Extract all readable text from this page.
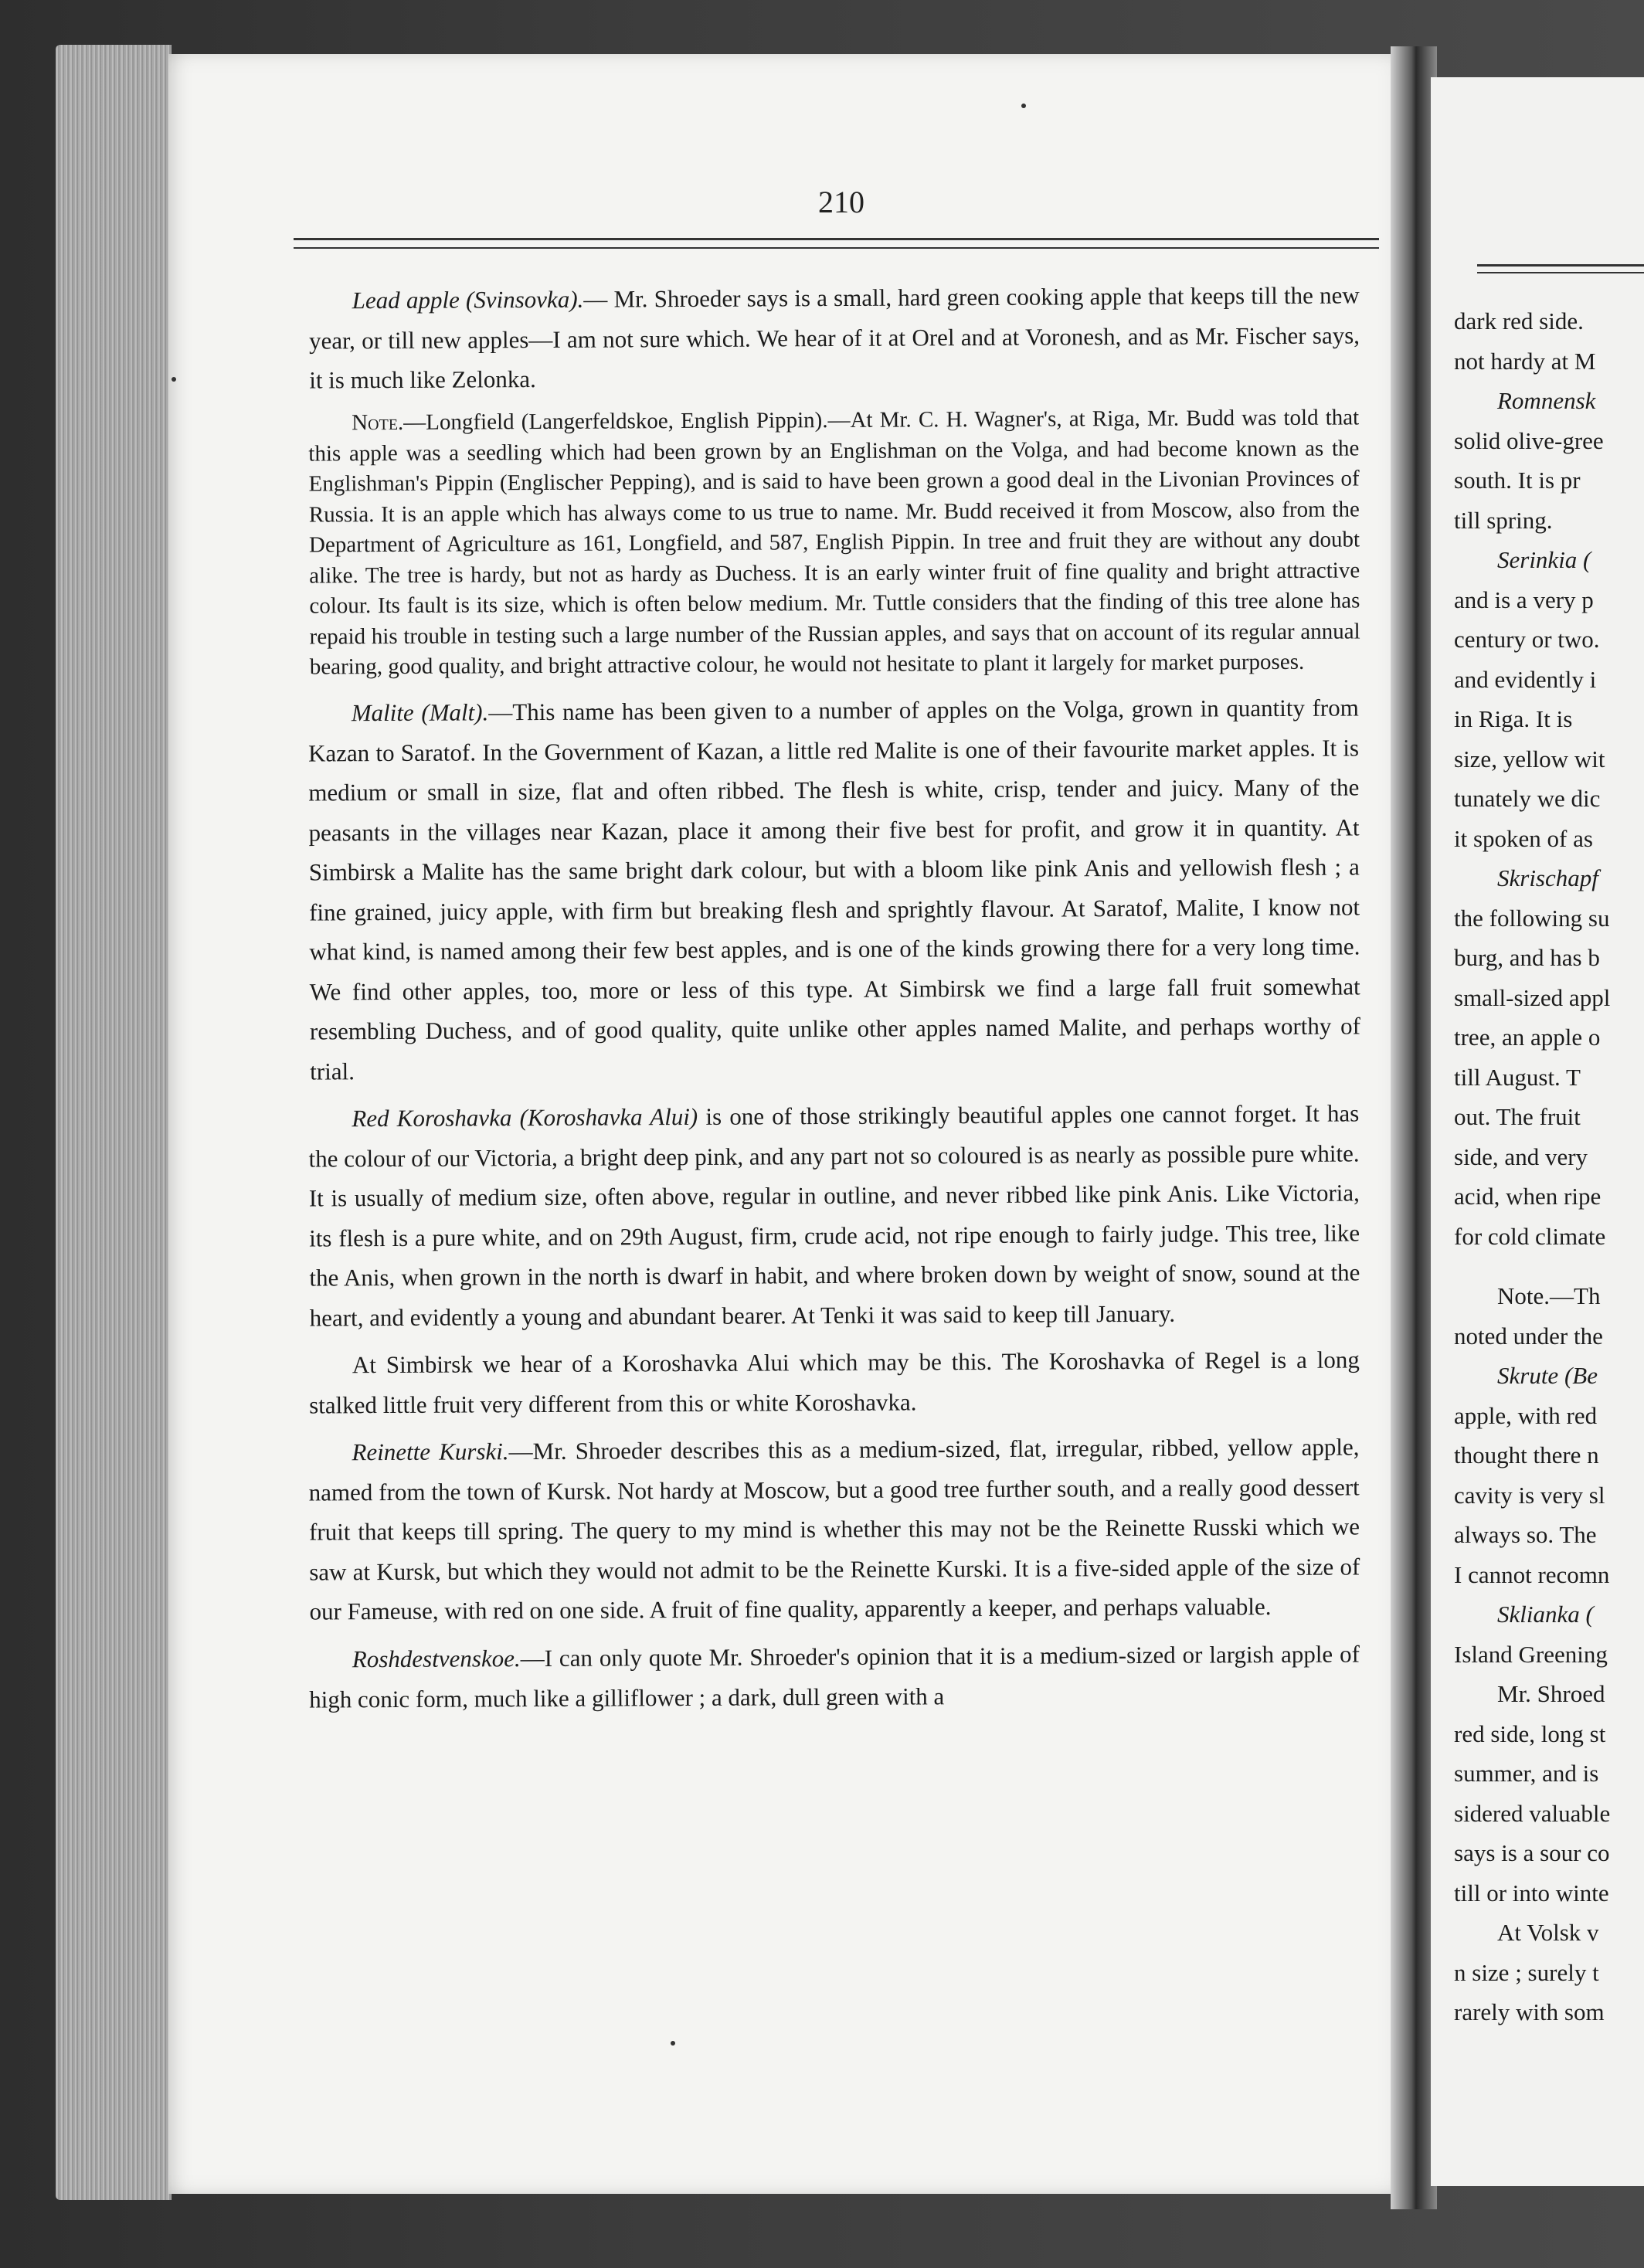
dark red side.
not hardy at M
Romnensk
solid olive-gree
south. It is pr
till spring.
Serinkia (
and is a very p
century or two.
and evidently i
in Riga. It is
size, yellow wit
tunately we dic
it spoken of as
Skrischapf
the following su
burg, and has b
small-sized appl
tree, an apple o
till August. T
out. The fruit
side, and very
acid, when ripe
for cold climate
Note.—Th
noted under the
Skrute (Be
apple, with red
thought there n
cavity is very sl
always so. The
I cannot recomn
Sklianka (
Island Greening
Mr. Shroed
red side, long st
summer, and is
sidered valuable
says is a sour co
till or into winte
At Volsk v
n size ; surely t
rarely with som
210

Lead apple (Svinsovka).— Mr. Shroeder says is a small, hard green cooking apple that keeps till the new year, or till new apples—I am not sure which. We hear of it at Orel and at Voronesh, and as Mr. Fischer says, it is much like Zelonka.

Note.—Longfield (Langerfeldskoe, English Pippin).—At Mr. C. H. Wagner's, at Riga, Mr. Budd was told that this apple was a seedling which had been grown by an Englishman on the Volga, and had become known as the Englishman's Pippin (Englischer Pepping), and is said to have been grown a good deal in the Livonian Provinces of Russia. It is an apple which has always come to us true to name. Mr. Budd received it from Moscow, also from the Department of Agriculture as 161, Longfield, and 587, English Pippin. In tree and fruit they are without any doubt alike. The tree is hardy, but not as hardy as Duchess. It is an early winter fruit of fine quality and bright attractive colour. Its fault is its size, which is often below medium. Mr. Tuttle considers that the finding of this tree alone has repaid his trouble in testing such a large number of the Russian apples, and says that on account of its regular annual bearing, good quality, and bright attractive colour, he would not hesitate to plant it largely for market purposes.

Malite (Malt).—This name has been given to a number of apples on the Volga, grown in quantity from Kazan to Saratof. In the Government of Kazan, a little red Malite is one of their favourite market apples. It is medium or small in size, flat and often ribbed. The flesh is white, crisp, tender and juicy. Many of the peasants in the villages near Kazan, place it among their five best for profit, and grow it in quantity. At Simbirsk a Malite has the same bright dark colour, but with a bloom like pink Anis and yellowish flesh ; a fine grained, juicy apple, with firm but breaking flesh and sprightly flavour. At Saratof, Malite, I know not what kind, is named among their few best apples, and is one of the kinds growing there for a very long time. We find other apples, too, more or less of this type. At Simbirsk we find a large fall fruit somewhat resembling Duchess, and of good quality, quite unlike other apples named Malite, and perhaps worthy of trial.

Red Koroshavka (Koroshavka Alui) is one of those strikingly beautiful apples one cannot forget. It has the colour of our Victoria, a bright deep pink, and any part not so coloured is as nearly as possible pure white. It is usually of medium size, often above, regular in outline, and never ribbed like pink Anis. Like Victoria, its flesh is a pure white, and on 29th August, firm, crude acid, not ripe enough to fairly judge. This tree, like the Anis, when grown in the north is dwarf in habit, and where broken down by weight of snow, sound at the heart, and evidently a young and abundant bearer. At Tenki it was said to keep till January.

At Simbirsk we hear of a Koroshavka Alui which may be this. The Koroshavka of Regel is a long stalked little fruit very different from this or white Koroshavka.

Reinette Kurski.—Mr. Shroeder describes this as a medium-sized, flat, irregular, ribbed, yellow apple, named from the town of Kursk. Not hardy at Moscow, but a good tree further south, and a really good dessert fruit that keeps till spring. The query to my mind is whether this may not be the Reinette Russki which we saw at Kursk, but which they would not admit to be the Reinette Kurski. It is a five-sided apple of the size of our Fameuse, with red on one side. A fruit of fine quality, apparently a keeper, and perhaps valuable.

Roshdestvenskoe.—I can only quote Mr. Shroeder's opinion that it is a medium-sized or largish apple of high conic form, much like a gilliflower ; a dark, dull green with a
